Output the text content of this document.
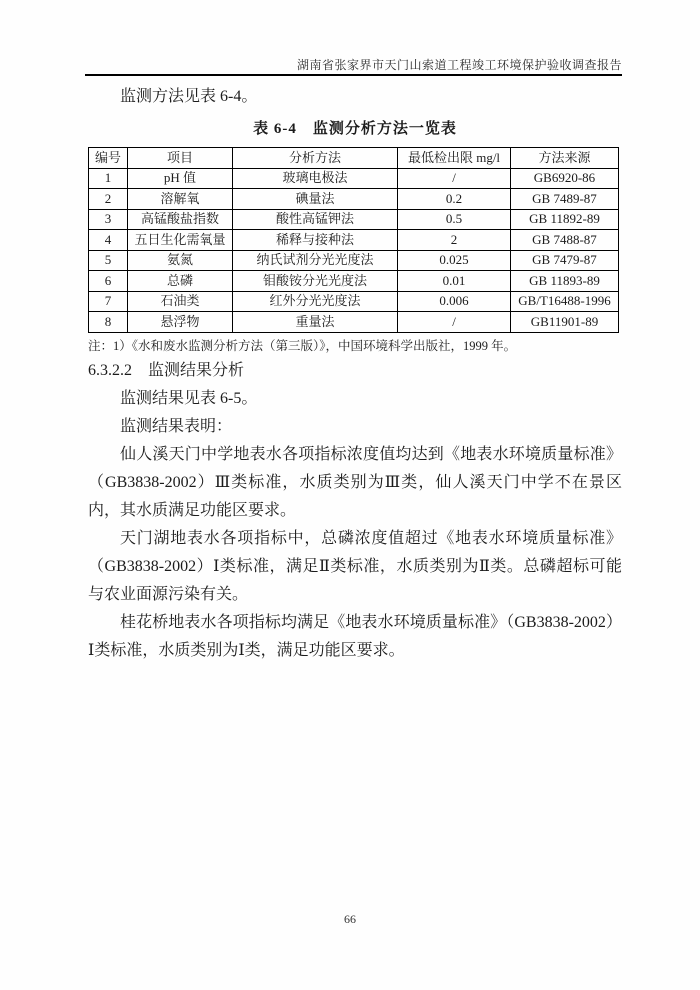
湖南省张家界市天门山索道工程竣工环境保护验收调查报告

监测方法见表 6-4。

表 6-4　监测分析方法一览表
编号	项目	分析方法	最低检出限 mg/l	方法来源
1	pH 值	玻璃电极法	/	GB6920-86
2	溶解氧	碘量法	0.2	GB 7489-87
3	高锰酸盐指数	酸性高锰钾法	0.5	GB 11892-89
4	五日生化需氧量	稀释与接种法	2	GB 7488-87
5	氨氮	纳氏试剂分光光度法	0.025	GB 7479-87
6	总磷	钼酸铵分光光度法	0.01	GB 11893-89
7	石油类	红外分光光度法	0.006	GB/T16488-1996
8	悬浮物	重量法	/	GB11901-89

注：1）《水和废水监测分析方法（第三版）》，中国环境科学出版社，1999 年。

6.3.2.2　监测结果分析

监测结果见表 6-5。

监测结果表明：

仙人溪天门中学地表水各项指标浓度值均达到《地表水环境质量标准》（GB3838-2002）Ⅲ类标准，水质类别为Ⅲ类，仙人溪天门中学不在景区内，其水质满足功能区要求。

天门湖地表水各项指标中，总磷浓度值超过《地表水环境质量标准》（GB3838-2002）Ⅰ类标准，满足Ⅱ类标准，水质类别为Ⅱ类。总磷超标可能与农业面源污染有关。

桂花桥地表水各项指标均满足《地表水环境质量标准》（GB3838-2002） Ⅰ类标准，水质类别为Ⅰ类，满足功能区要求。

66
